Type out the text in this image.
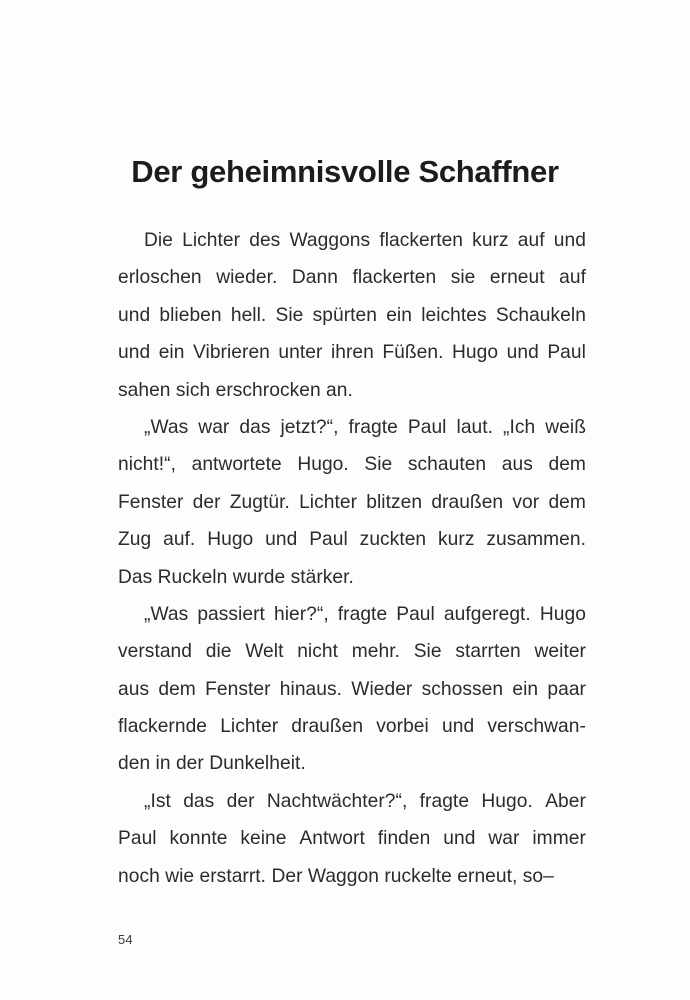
Der geheimnisvolle Schaffner
Die Lichter des Waggons flackerten kurz auf und
erloschen wieder. Dann flackerten sie erneut auf
und blieben hell. Sie spürten ein leichtes Schaukeln
und ein Vibrieren unter ihren Füßen. Hugo und Paul
sahen sich erschrocken an.
„Was war das jetzt?“, fragte Paul laut. „Ich weiß
nicht!“, antwortete Hugo. Sie schauten aus dem
Fenster der Zugtür. Lichter blitzen draußen vor dem
Zug auf. Hugo und Paul zuckten kurz zusammen.
Das Ruckeln wurde stärker.
„Was passiert hier?“, fragte Paul aufgeregt. Hugo
verstand die Welt nicht mehr. Sie starrten weiter
aus dem Fenster hinaus. Wieder schossen ein paar
flackernde Lichter draußen vorbei und verschwan-
den in der Dunkelheit.
„Ist das der Nachtwächter?“, fragte Hugo. Aber
Paul konnte keine Antwort finden und war immer
noch wie erstarrt. Der Waggon ruckelte erneut, so–
54
